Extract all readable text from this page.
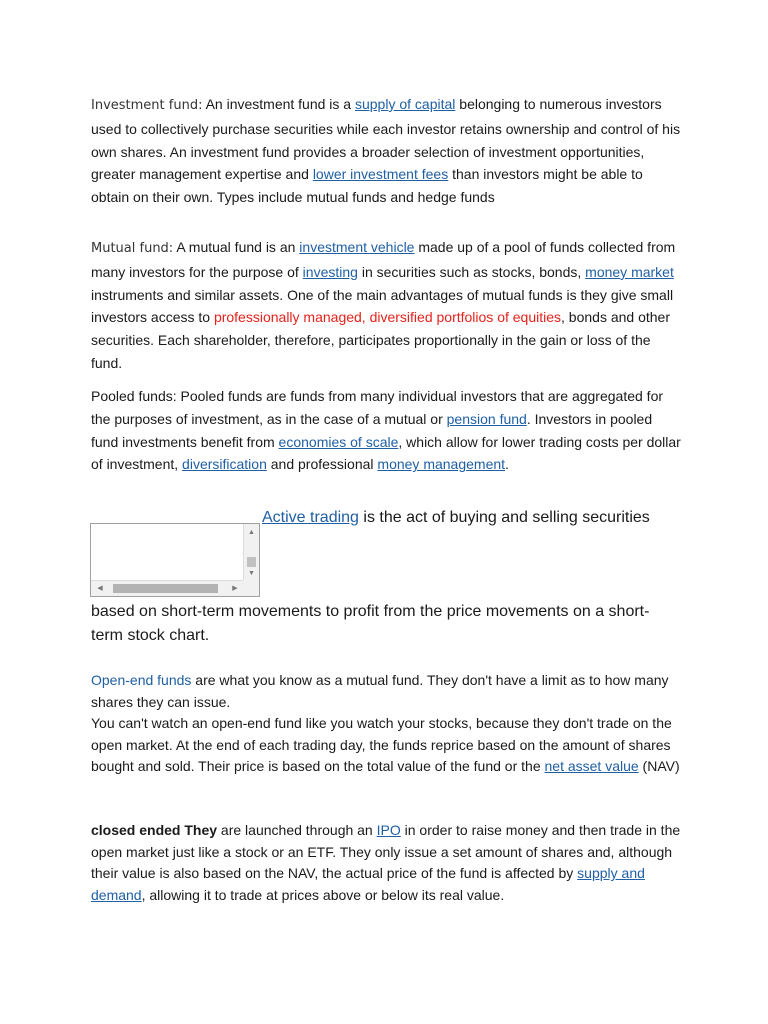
Investment fund: An investment fund is a supply of capital belonging to numerous investors used to collectively purchase securities while each investor retains ownership and control of his own shares. An investment fund provides a broader selection of investment opportunities, greater management expertise and lower investment fees than investors might be able to obtain on their own. Types include mutual funds and hedge funds

Mutual fund: A mutual fund is an investment vehicle made up of a pool of funds collected from many investors for the purpose of investing in securities such as stocks, bonds, money market instruments and similar assets. One of the main advantages of mutual funds is they give small investors access to professionally managed, diversified portfolios of equities, bonds and other securities. Each shareholder, therefore, participates proportionally in the gain or loss of the fund.

Pooled funds: Pooled funds are funds from many individual investors that are aggregated for the purposes of investment, as in the case of a mutual or pension fund. Investors in pooled fund investments benefit from economies of scale, which allow for lower trading costs per dollar of investment, diversification and professional money management.

▲
▼
◀	▶

Active trading is the act of buying and selling securities

based on short-term movements to profit from the price movements on a short-term stock chart.

Open-end funds are what you know as a mutual fund. They don't have a limit as to how many shares they can issue.
You can't watch an open-end fund like you watch your stocks, because they don't trade on the open market. At the end of each trading day, the funds reprice based on the amount of shares bought and sold. Their price is based on the total value of the fund or the net asset value (NAV)

closed ended They are launched through an IPO in order to raise money and then trade in the open market just like a stock or an ETF. They only issue a set amount of shares and, although their value is also based on the NAV, the actual price of the fund is affected by supply and demand, allowing it to trade at prices above or below its real value.
